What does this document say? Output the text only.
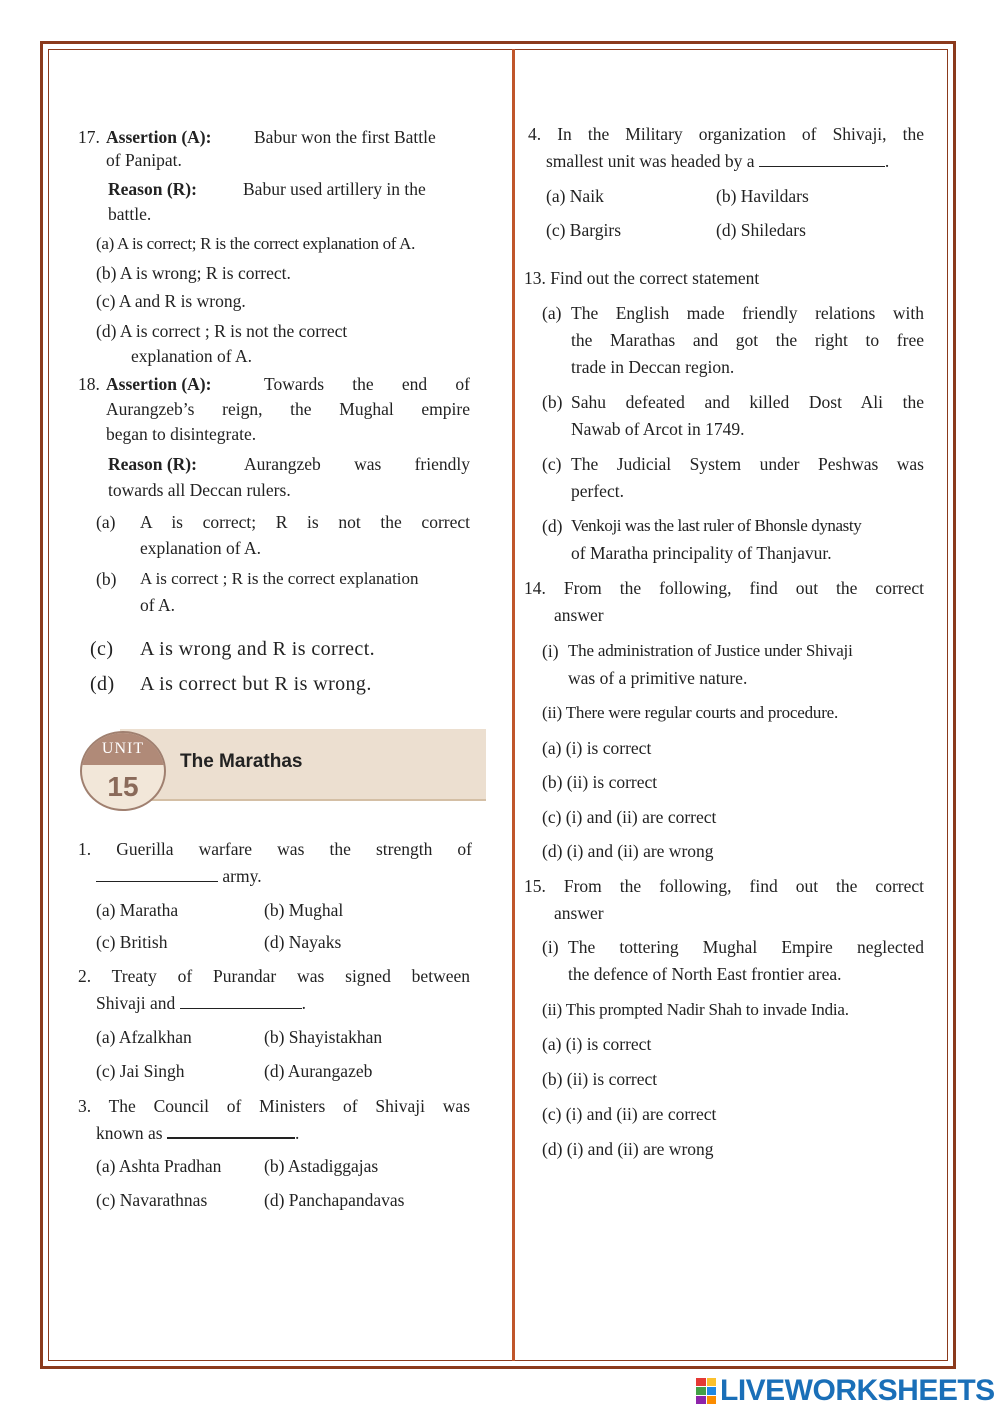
17. Assertion (A): Babur won the first Battle
of Panipat.
Reason (R):	Babur used artillery in the
battle.
(a) A is correct; R is the correct explanation of A.
(b) A is wrong; R is correct.
(c) A and R is wrong.
(d) A is correct ; R is not the correct
explanation of A.
18. Assertion (A):	Towards the end of
Aurangzeb’s reign, the Mughal empire
began to disintegrate.
Reason (R):	Aurangzeb was friendly
towards all Deccan rulers.
(a) A is correct; R is not the correct
explanation of A.
(b) A is correct ; R is the correct explanation
of A.
(c) A is wrong and R is correct.
(d) A is correct but R is wrong.
UNIT
15
The Marathas
1. Guerilla warfare was the strength of
army.
(a) Maratha	(b) Mughal
(c) British	(d) Nayaks
2. Treaty of Purandar was signed between
Shivaji and	.
(a) Afzalkhan	(b) Shayistakhan
(c) Jai Singh	(d) Aurangazeb
3. The Council of Ministers of Shivaji was
known as	.
(a) Ashta Pradhan (b) Astadiggajas
(c) Navarathnas	(d) Panchapandavas
4. In the Military organization of Shivaji, the
smallest unit was headed by a	.
(a) Naik	(b) Havildars
(c) Bargirs	(d) Shiledars
13. Find out the correct statement
(a) The English made friendly relations with
the Marathas and got the right to free
trade in Deccan region.
(b) Sahu defeated and killed Dost Ali the
Nawab of Arcot in 1749.
(c) The Judicial System under Peshwas was
perfect.
(d) Venkoji was the last ruler of Bhonsle dynasty
of Maratha principality of Thanjavur.
14. From the following, find out the correct
answer
(i) The administration of Justice under Shivaji
was of a primitive nature.
(ii) There were regular courts and procedure.
(a) (i) is correct
(b) (ii) is correct
(c) (i) and (ii) are correct
(d) (i) and (ii) are wrong
15. From the following, find out the correct
answer
(i) The tottering Mughal Empire neglected
the defence of North East frontier area.
(ii) This prompted Nadir Shah to invade India.
(a) (i) is correct
(b) (ii) is correct
(c) (i) and (ii) are correct
(d) (i) and (ii) are wrong
LIVEWORKSHEETS
